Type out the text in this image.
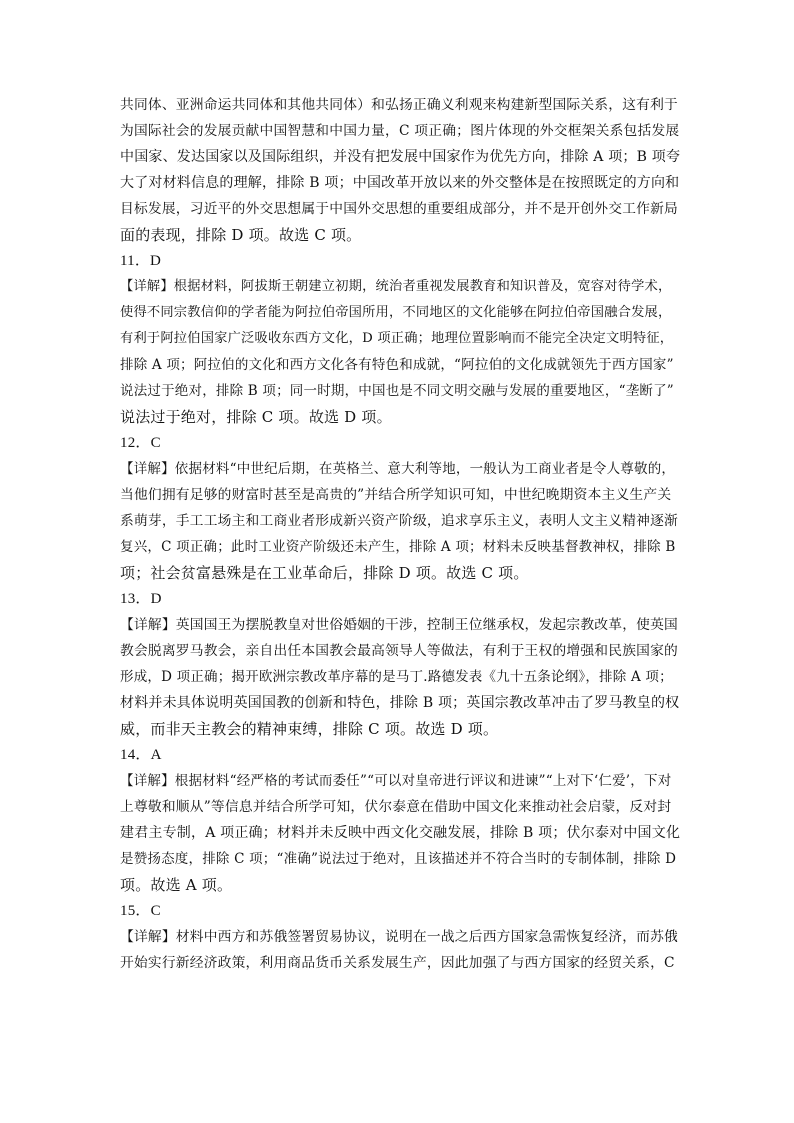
共同体、亚洲命运共同体和其他共同体）和弘扬正确义利观来构建新型国际关系，这有利于
为国际社会的发展贡献中国智慧和中国力量，C 项正确；图片体现的外交框架关系包括发展
中国家、发达国家以及国际组织，并没有把发展中国家作为优先方向，排除 A 项；B 项夸
大了对材料信息的理解，排除 B 项；中国改革开放以来的外交整体是在按照既定的方向和
目标发展，习近平的外交思想属于中国外交思想的重要组成部分，并不是开创外交工作新局
面的表现，排除 D 项。故选 C 项。
11．D
【详解】根据材料，阿拔斯王朝建立初期，统治者重视发展教育和知识普及，宽容对待学术，
使得不同宗教信仰的学者能为阿拉伯帝国所用，不同地区的文化能够在阿拉伯帝国融合发展，
有利于阿拉伯国家广泛吸收东西方文化，D 项正确；地理位置影响而不能完全决定文明特征，
排除 A 项；阿拉伯的文化和西方文化各有特色和成就，“阿拉伯的文化成就领先于西方国家”
说法过于绝对，排除 B 项；同一时期，中国也是不同文明交融与发展的重要地区，“垄断了”
说法过于绝对，排除 C 项。故选 D 项。
12．C
【详解】依据材料“中世纪后期，在英格兰、意大利等地，一般认为工商业者是令人尊敬的，
当他们拥有足够的财富时甚至是高贵的”并结合所学知识可知，中世纪晚期资本主义生产关
系萌芽，手工工场主和工商业者形成新兴资产阶级，追求享乐主义，表明人文主义精神逐渐
复兴，C 项正确；此时工业资产阶级还未产生，排除 A 项；材料未反映基督教神权，排除 B
项；社会贫富悬殊是在工业革命后，排除 D 项。故选 C 项。
13．D
【详解】英国国王为摆脱教皇对世俗婚姻的干涉，控制王位继承权，发起宗教改革，使英国
教会脱离罗马教会，亲自出任本国教会最高领导人等做法，有利于王权的增强和民族国家的
形成，D 项正确；揭开欧洲宗教改革序幕的是马丁.路德发表《九十五条论纲》，排除 A 项；
材料并未具体说明英国国教的创新和特色，排除 B 项；英国宗教改革冲击了罗马教皇的权
威，而非天主教会的精神束缚，排除 C 项。故选 D 项。
14．A
【详解】根据材料“经严格的考试而委任”“可以对皇帝进行评议和进谏”“上对下‘仁爱’，下对
上尊敬和顺从”等信息并结合所学可知，伏尔泰意在借助中国文化来推动社会启蒙，反对封
建君主专制，A 项正确；材料并未反映中西文化交融发展，排除 B 项；伏尔泰对中国文化
是赞扬态度，排除 C 项；“准确”说法过于绝对，且该描述并不符合当时的专制体制，排除 D
项。故选 A 项。
15．C
【详解】材料中西方和苏俄签署贸易协议，说明在一战之后西方国家急需恢复经济，而苏俄
开始实行新经济政策，利用商品货币关系发展生产，因此加强了与西方国家的经贸关系，C
